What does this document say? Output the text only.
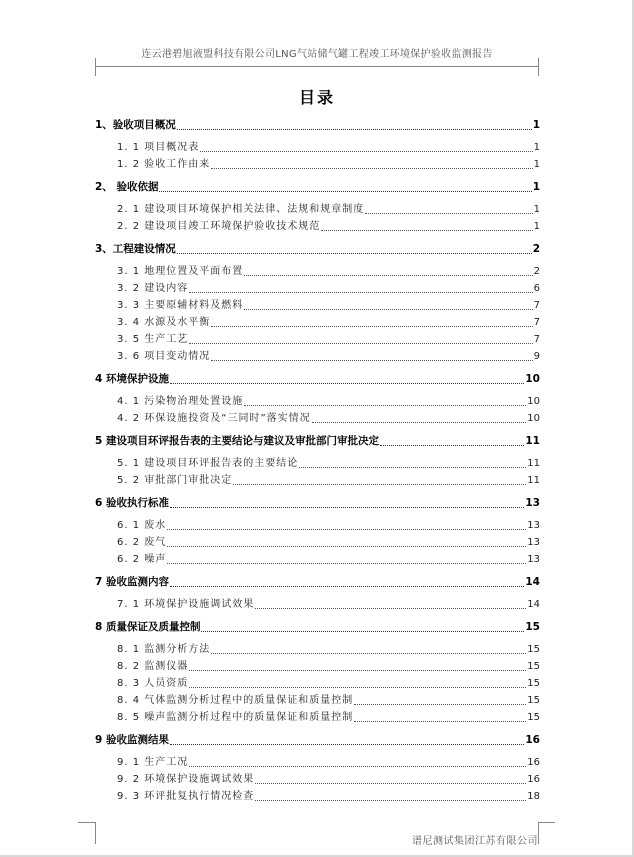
连云港碧旭液盟科技有限公司LNG气站储气罐工程竣工环境保护验收监测报告
目录
1、验收项目概况	1
1. 1 项目概况表	1
1. 2 验收工作由来	1
2、 验收依据	1
2. 1 建设项目环境保护相关法律、法规和规章制度	1
2. 2 建设项目竣工环境保护验收技术规范	1
3、工程建设情况	2
3. 1 地理位置及平面布置	2
3. 2 建设内容	6
3. 3 主要原辅材料及燃料	7
3. 4 水源及水平衡	7
3. 5 生产工艺	7
3. 6 项目变动情况	9
4 环境保护设施	10
4. 1 污染物治理处置设施	10
4. 2 环保设施投资及“三同时”落实情况	10
5 建设项目环评报告表的主要结论与建议及审批部门审批决定	11
5. 1 建设项目环评报告表的主要结论	11
5. 2 审批部门审批决定	11
6 验收执行标准	13
6. 1 废水	13
6. 2 废气	13
6. 2 噪声	13
7 验收监测内容	14
7. 1 环境保护设施调试效果	14
8 质量保证及质量控制	15
8. 1 监测分析方法	15
8. 2 监测仪器	15
8. 3 人员资质	15
8. 4 气体监测分析过程中的质量保证和质量控制	15
8. 5 噪声监测分析过程中的质量保证和质量控制	15
9 验收监测结果	16
9. 1 生产工况	16
9. 2 环境保护设施调试效果	16
9. 3 环评批复执行情况检查	18
谱尼测试集团江苏有限公司
